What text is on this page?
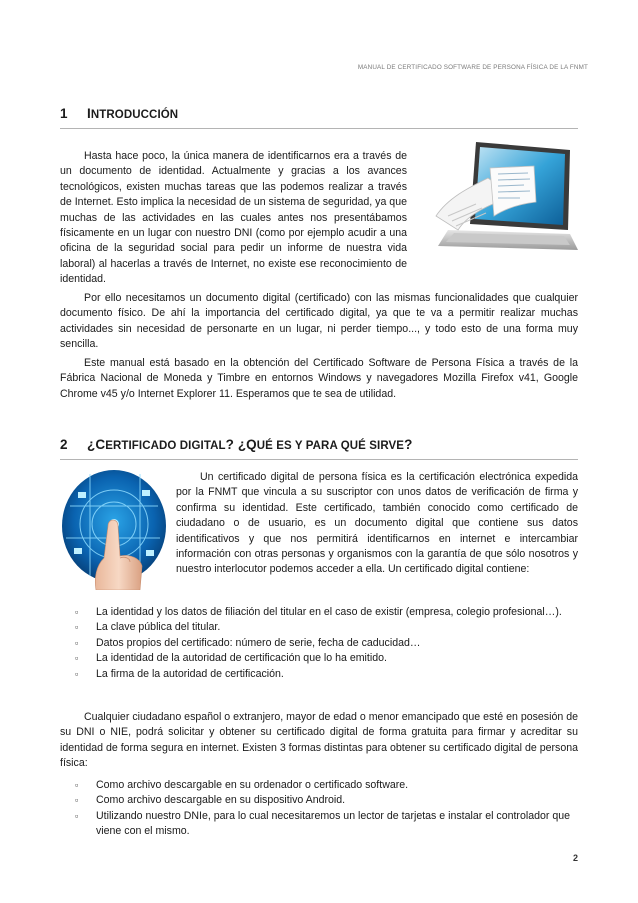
MANUAL DE CERTIFICADO SOFTWARE DE PERSONA FÍSICA DE LA FNMT
1 INTRODUCCIÓN

Hasta hace poco, la única manera de identificarnos era a través de un documento de identidad. Actualmente y gracias a los avances tecnológicos, existen muchas tareas que las podemos realizar a través de Internet. Esto implica la necesidad de un sistema de seguridad, ya que muchas de las actividades en las cuales antes nos presentábamos físicamente en un lugar con nuestro DNI (como por ejemplo acudir a una oficina de la seguridad social para pedir un informe de nuestra vida laboral) al hacerlas a través de Internet, no existe ese reconocimiento de identidad.

Por ello necesitamos un documento digital (certificado) con las mismas funcionalidades que cualquier documento físico. De ahí la importancia del certificado digital, ya que te va a permitir realizar muchas actividades sin necesidad de personarte en un lugar, ni perder tiempo..., y todo esto de una forma muy sencilla.

Este manual está basado en la obtención del Certificado Software de Persona Física a través de la Fábrica Nacional de Moneda y Timbre en entornos Windows y navegadores Mozilla Firefox v41, Google Chrome v45 y/o Internet Explorer 11. Esperamos que te sea de utilidad.

2 ¿CERTIFICADO DIGITAL? ¿QUÉ ES Y PARA QUÉ SIRVE?

Un certificado digital de persona física es la certificación electrónica expedida por la FNMT que vincula a su suscriptor con unos datos de verificación de firma y confirma su identidad. Este certificado, también conocido como certificado de ciudadano o de usuario, es un documento digital que contiene sus datos identificativos y que nos permitirá identificarnos en internet e intercambiar información con otras personas y organismos con la garantía de que sólo nosotros y nuestro interlocutor podemos acceder a ella. Un certificado digital contiene:

▫ La identidad y los datos de filiación del titular en el caso de existir (empresa, colegio profesional…).
▫ La clave pública del titular.
▫ Datos propios del certificado: número de serie, fecha de caducidad…
▫ La identidad de la autoridad de certificación que lo ha emitido.
▫ La firma de la autoridad de certificación.

Cualquier ciudadano español o extranjero, mayor de edad o menor emancipado que esté en posesión de su DNI o NIE, podrá solicitar y obtener su certificado digital de forma gratuita para firmar y acreditar su identidad de forma segura en internet. Existen 3 formas distintas para obtener su certificado digital de persona física:

▫ Como archivo descargable en su ordenador o certificado software.
▫ Como archivo descargable en su dispositivo Android.
▫ Utilizando nuestro DNIe, para lo cual necesitaremos un lector de tarjetas e instalar el controlador que viene con el mismo.
2
